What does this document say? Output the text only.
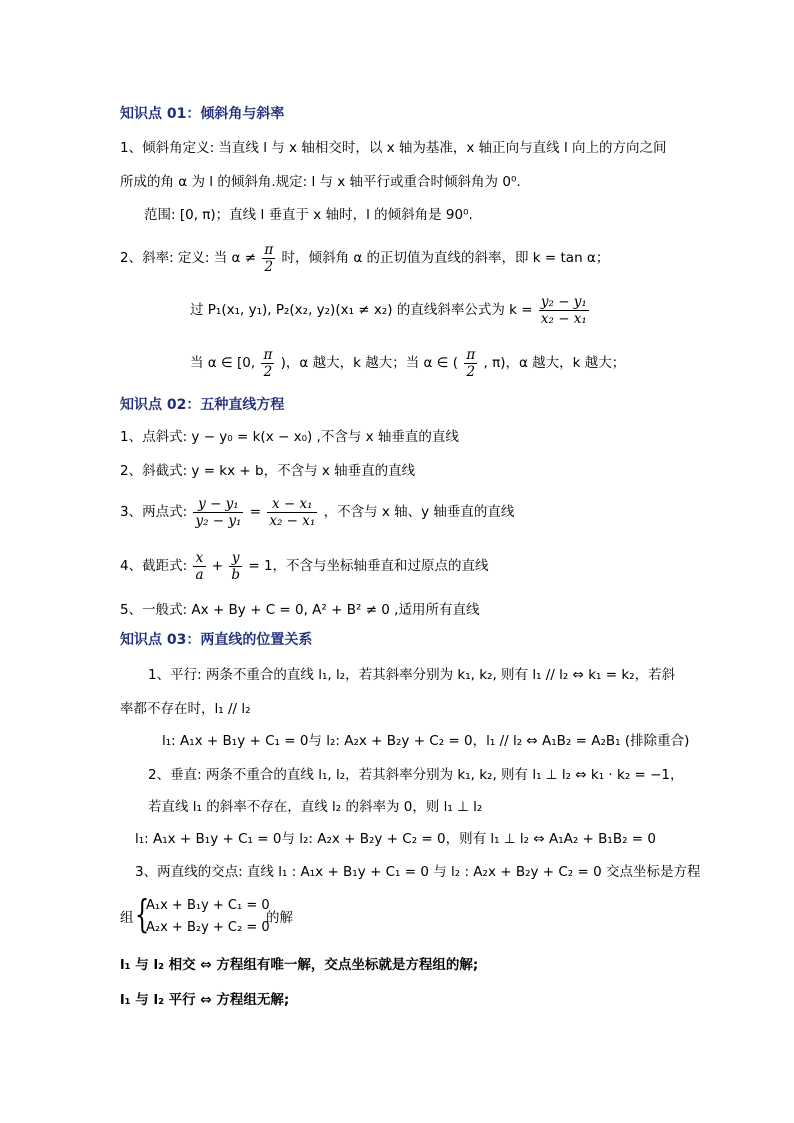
知识点 01：倾斜角与斜率
1、倾斜角定义: 当直线 l 与 x 轴相交时，以 x 轴为基准，x 轴正向与直线 l 向上的方向之间
所成的角 α 为 l 的倾斜角.规定: l 与 x 轴平行或重合时倾斜角为 0⁰.
范围: [0, π)；直线 l 垂直于 x 轴时，l 的倾斜角是 90⁰.
2、斜率: 定义: 当 $\alpha \ne \frac{\pi}{2}$ 时，倾斜角 α 的正切值为直线的斜率，即 k = tan α；
过 P₁(x₁, y₁), P₂(x₂, y₂)(x₁ ≠ x₂) 的直线斜率公式为 $k = \frac{\text{y₂ − y₁}}{\text{x₂ − x₁}}$
当 α ∈ [0, $\frac{\pi}{2}$ )，α 越大，k 越大；当 α ∈ ( $\frac{\pi}{2}$ , π)，α 越大，k 越大；
知识点 02：五种直线方程
1、点斜式: y − y₀ = k(x − x₀) ,不含与 x 轴垂直的直线
2、斜截式: y = kx + b，不含与 x 轴垂直的直线
3、两点式: $\frac{\text{y − y₁}}{\text{y₂ − y₁}} = \frac{\text{x − x₁}}{\text{x₂ − x₁}}$ ，不含与 x 轴、y 轴垂直的直线
4、截距式: $\frac{x}{a} + \frac{y}{b} = 1$，不含与坐标轴垂直和过原点的直线
5、一般式: Ax + By + C = 0, A² + B² ≠ 0 ,适用所有直线
知识点 03：两直线的位置关系
1、平行: 两条不重合的直线 l₁, l₂，若其斜率分别为 k₁, k₂, 则有 l₁ // l₂ ⇔ k₁ = k₂，若斜
率都不存在时，l₁ // l₂
l₁: A₁x + B₁y + C₁ = 0与 l₂: A₂x + B₂y + C₂ = 0，l₁ // l₂ ⇔ A₁B₂ = A₂B₁ (排除重合)
2、垂直: 两条不重合的直线 l₁, l₂，若其斜率分别为 k₁, k₂, 则有 l₁ ⊥ l₂ ⇔ k₁ · k₂ = −1，
若直线 l₁ 的斜率不存在，直线 l₂ 的斜率为 0，则 l₁ ⊥ l₂
l₁: A₁x + B₁y + C₁ = 0与 l₂: A₂x + B₂y + C₂ = 0，则有 l₁ ⊥ l₂ ⇔ A₁A₂ + B₁B₂ = 0
3、两直线的交点: 直线 l₁ : A₁x + B₁y + C₁ = 0 与 l₂ : A₂x + B₂y + C₂ = 0 交点坐标是方程
组 {
A₁x + B₁y + C₁ = 0
A₂x + B₂y + C₂ = 0
的解
l₁ 与 l₂ 相交 ⇔ 方程组有唯一解，交点坐标就是方程组的解;
l₁ 与 l₂ 平行 ⇔ 方程组无解;
